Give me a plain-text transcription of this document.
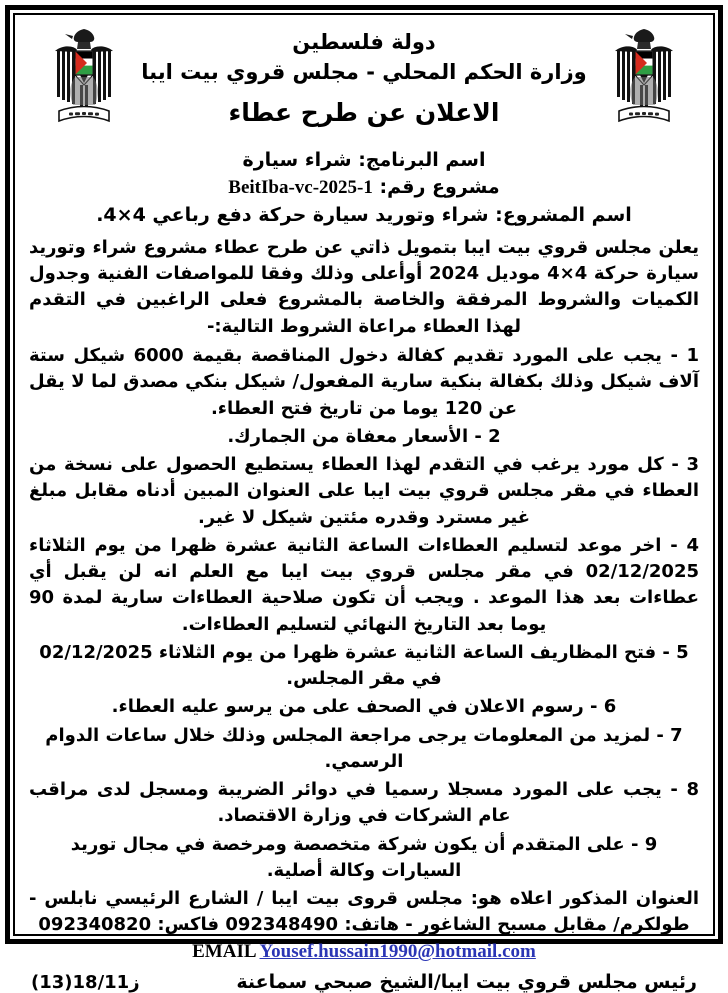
دولة فلسطين
وزارة الحكم المحلي - مجلس قروي بيت ايبا
الاعلان عن طرح عطاء
اسم البرنامج: شراء سيارة
مشروع رقم: BeitIba-vc-2025-1
اسم المشروع: شراء وتوريد سيارة حركة دفع رباعي 4×4.

يعلن مجلس قروي بيت ايبا بتمويل ذاتي عن طرح عطاء مشروع شراء وتوريد سيارة حركة 4×4 موديل 2024 أوأعلى وذلك وفقا للمواصفات الفنية وجدول الكميات والشروط المرفقة والخاصة بالمشروع فعلى الراغبين في التقدم لهذا العطاء مراعاة الشروط التالية:-

1 - يجب على المورد تقديم كفالة دخول المناقصة بقيمة 6000 شيكل ستة آلاف شيكل وذلك بكفالة بنكية سارية المفعول/ شيكل بنكي مصدق لما لا يقل عن 120 يوما من تاريخ فتح العطاء.

2 - الأسعار معفاة من الجمارك.

3 - كل مورد يرغب في التقدم لهذا العطاء يستطيع الحصول على نسخة من العطاء في مقر مجلس قروي بيت ايبا على العنوان المبين أدناه مقابل مبلغ غير مسترد وقدره مئتين شيكل لا غير.

4 - اخر موعد لتسليم العطاءات الساعة الثانية عشرة ظهرا من يوم الثلاثاء 02/12/2025 في مقر مجلس قروي بيت ايبا مع العلم انه لن يقبل أي عطاءات بعد هذا الموعد . ويجب أن تكون صلاحية العطاءات سارية لمدة 90 يوما بعد التاريخ النهائي لتسليم العطاءات.

5 - فتح المظاريف الساعة الثانية عشرة ظهرا من يوم الثلاثاء 02/12/2025 في مقر المجلس.

6 - رسوم الاعلان في الصحف على من يرسو عليه العطاء.

7 - لمزيد من المعلومات يرجى مراجعة المجلس وذلك خلال ساعات الدوام الرسمي.

8 - يجب على المورد مسجلا رسميا في دوائر الضريبة ومسجل لدى مراقب عام الشركات في وزارة الاقتصاد.

9 - على المتقدم أن يكون شركة متخصصة ومرخصة في مجال توريد السيارات وكالة أصلية.

العنوان المذكور اعلاه هو: مجلس قروى بيت ايبا / الشارع الرئيسي نابلس - طولكرم/ مقابل مسبح الشاغور - هاتف: 092348490 فاكس: 092340820

EMAIL Yousef.hussain1990@hotmail.com
رئيس مجلس قروي بيت ايبا/الشيخ صبحي سماعنة
ز18/11(13)
